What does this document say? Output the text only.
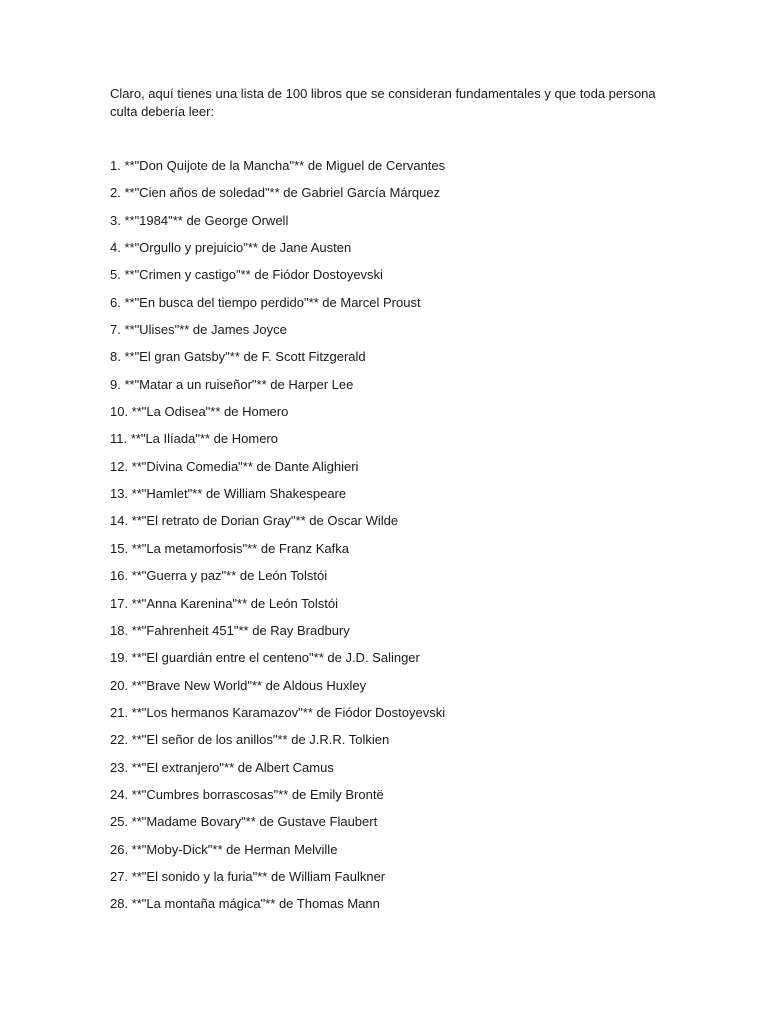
Claro, aquí tienes una lista de 100 libros que se consideran fundamentales y que toda persona culta debería leer:

1. **"Don Quijote de la Mancha"** de Miguel de Cervantes
2. **"Cien años de soledad"** de Gabriel García Márquez
3. **"1984"** de George Orwell
4. **"Orgullo y prejuicio"** de Jane Austen
5. **"Crimen y castigo"** de Fiódor Dostoyevski
6. **"En busca del tiempo perdido"** de Marcel Proust
7. **"Ulises"** de James Joyce
8. **"El gran Gatsby"** de F. Scott Fitzgerald
9. **"Matar a un ruiseñor"** de Harper Lee
10. **"La Odisea"** de Homero
11. **"La Ilíada"** de Homero
12. **"Divina Comedia"** de Dante Alighieri
13. **"Hamlet"** de William Shakespeare
14. **"El retrato de Dorian Gray"** de Oscar Wilde
15. **"La metamorfosis"** de Franz Kafka
16. **"Guerra y paz"** de León Tolstói
17. **"Anna Karenina"** de León Tolstói
18. **"Fahrenheit 451"** de Ray Bradbury
19. **"El guardián entre el centeno"** de J.D. Salinger
20. **"Brave New World"** de Aldous Huxley
21. **"Los hermanos Karamazov"** de Fiódor Dostoyevski
22. **"El señor de los anillos"** de J.R.R. Tolkien
23. **"El extranjero"** de Albert Camus
24. **"Cumbres borrascosas"** de Emily Brontë
25. **"Madame Bovary"** de Gustave Flaubert
26. **"Moby-Dick"** de Herman Melville
27. **"El sonido y la furia"** de William Faulkner
28. **"La montaña mágica"** de Thomas Mann
